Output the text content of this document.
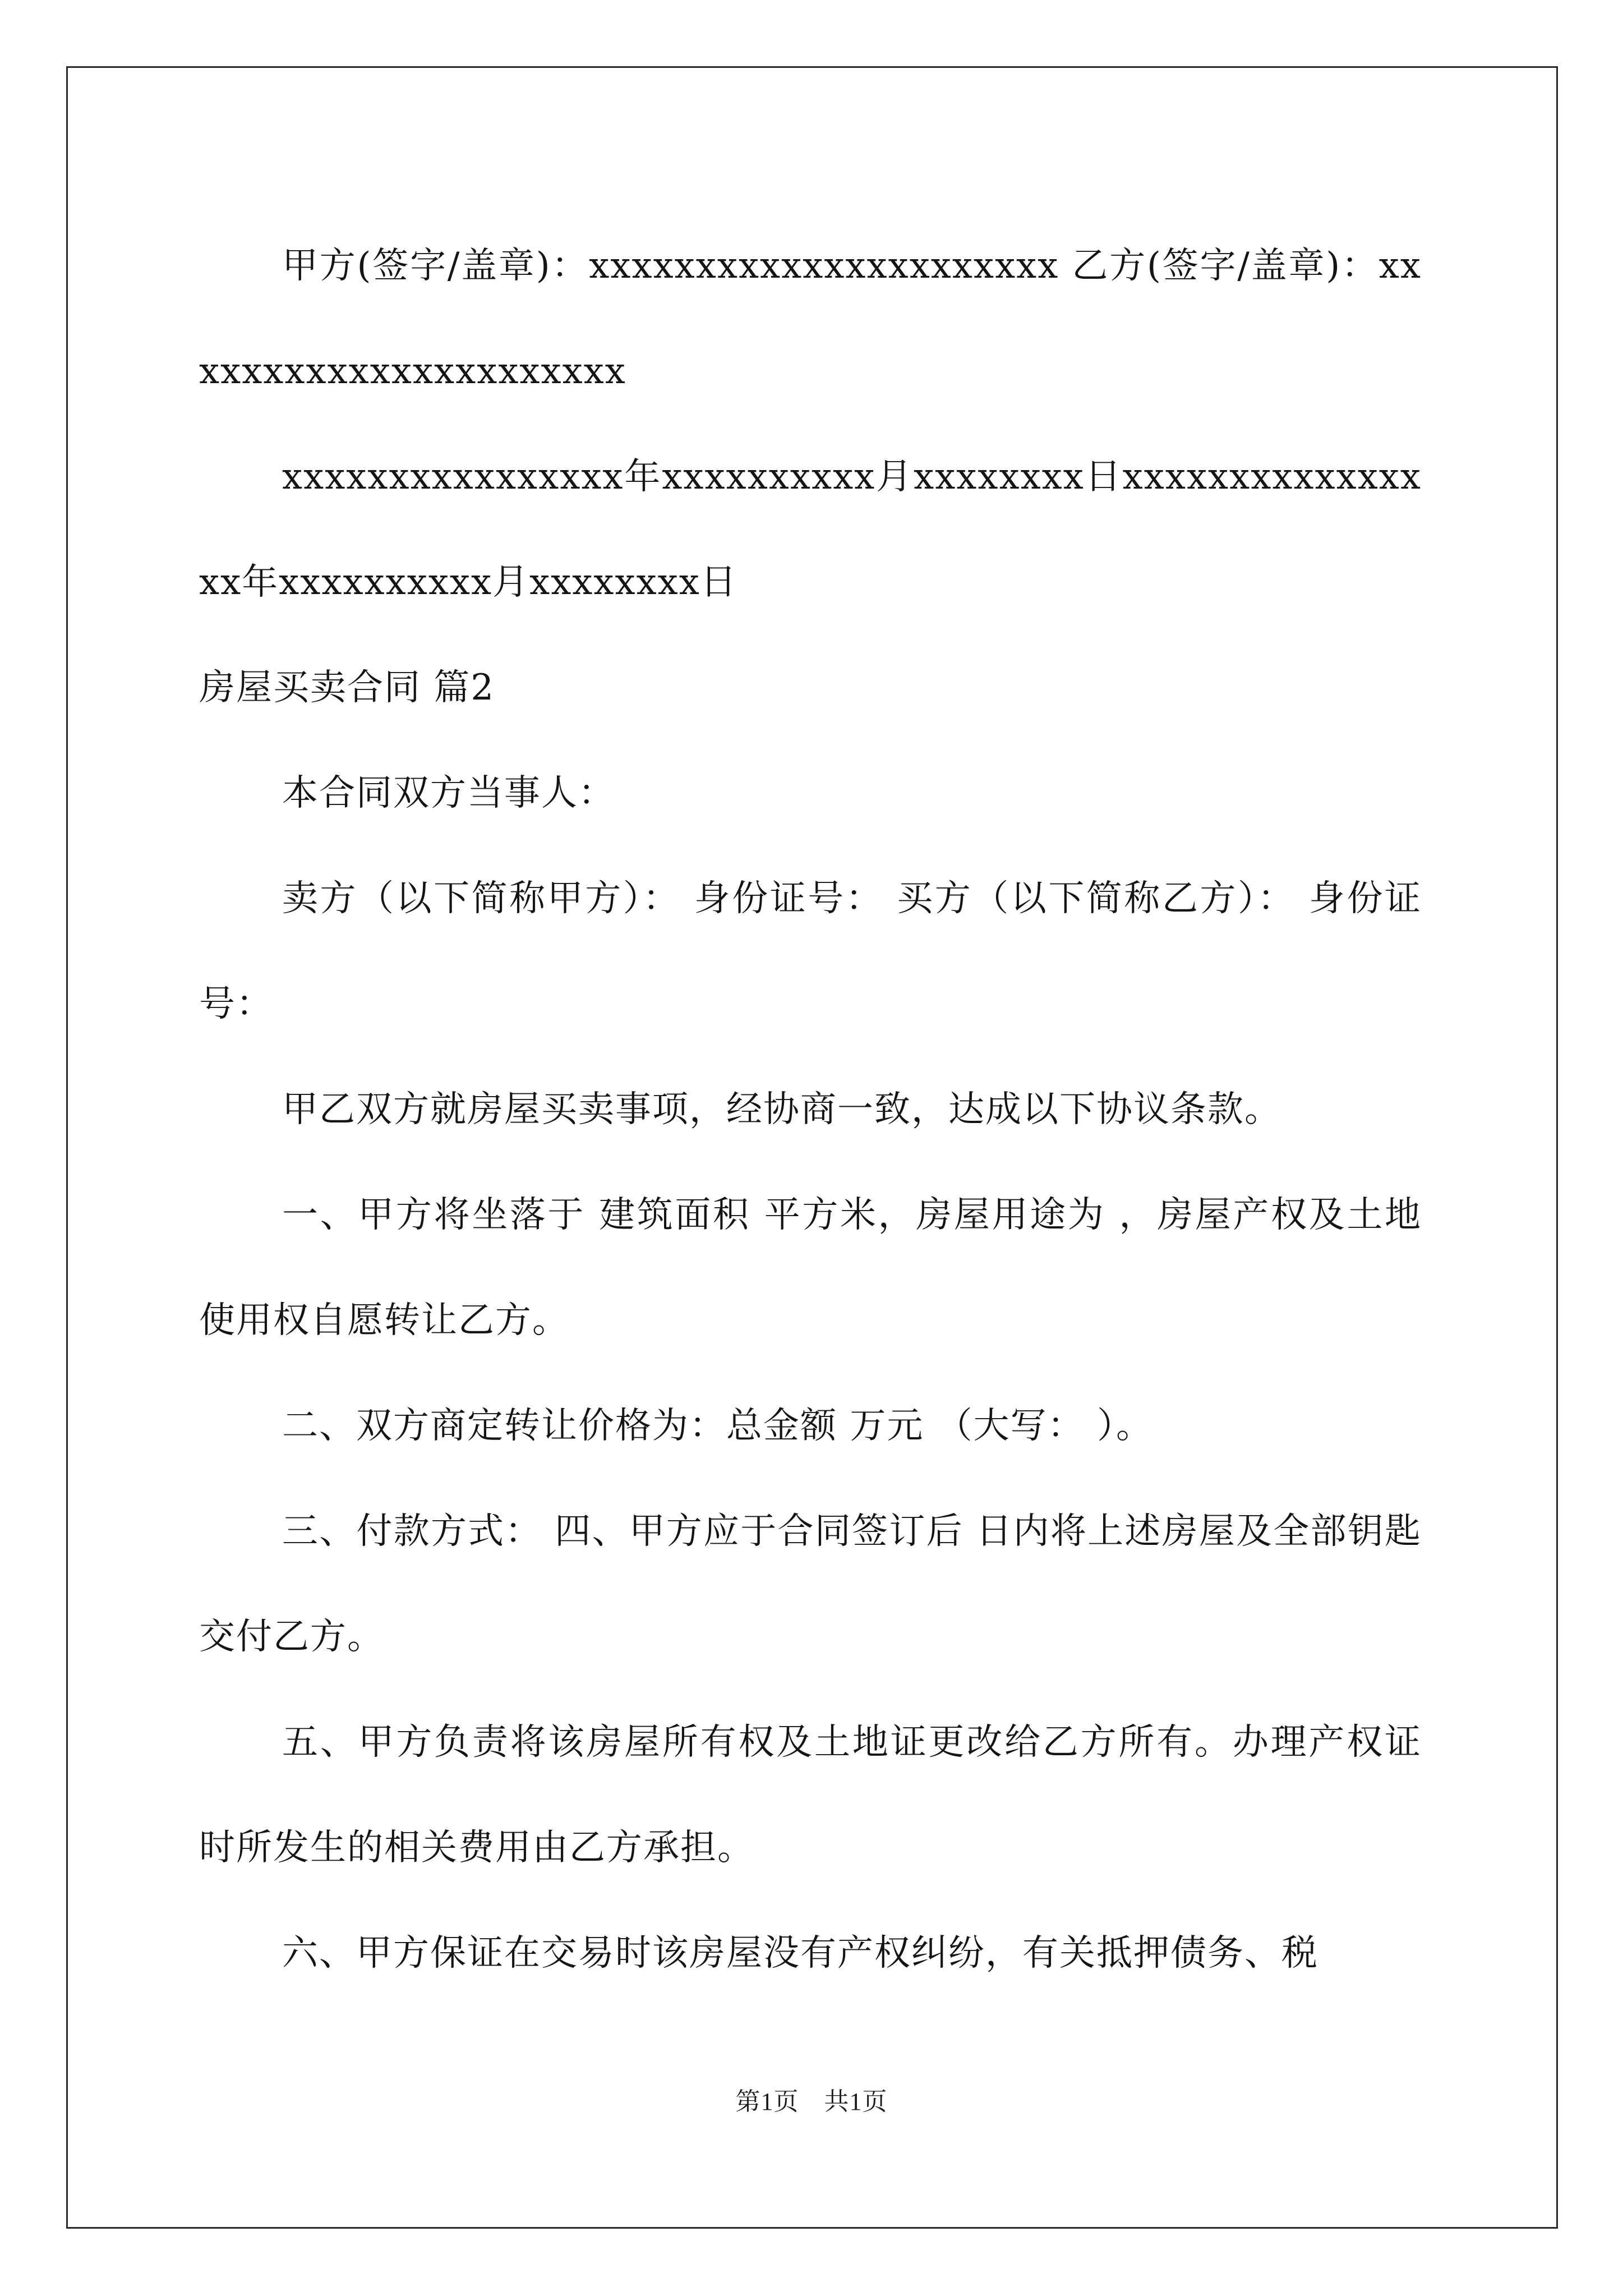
甲方(签字/盖章)：xxxxxxxxxxxxxxxxxxxxxx 乙方(签字/盖章)：xxxxxxxxxxxxxxxxxxxxxx

xxxxxxxxxxxxxxxx年xxxxxxxxxx月xxxxxxxx日xxxxxxxxxxxxxxxx年xxxxxxxxxx月xxxxxxxx日

房屋买卖合同 篇2

本合同双方当事人：

卖方（以下简称甲方）： 身份证号： 买方（以下简称乙方）： 身份证号：

甲乙双方就房屋买卖事项，经协商一致，达成以下协议条款。

一、甲方将坐落于 建筑面积 平方米，房屋用途为 ，房屋产权及土地使用权自愿转让乙方。

二、双方商定转让价格为：总金额 万元 （大写： ）。

三、付款方式： 四、甲方应于合同签订后 日内将上述房屋及全部钥匙交付乙方。

五、甲方负责将该房屋所有权及土地证更改给乙方所有。办理产权证时所发生的相关费用由乙方承担。

六、甲方保证在交易时该房屋没有产权纠纷，有关抵押债务、税

第1页　共1页
